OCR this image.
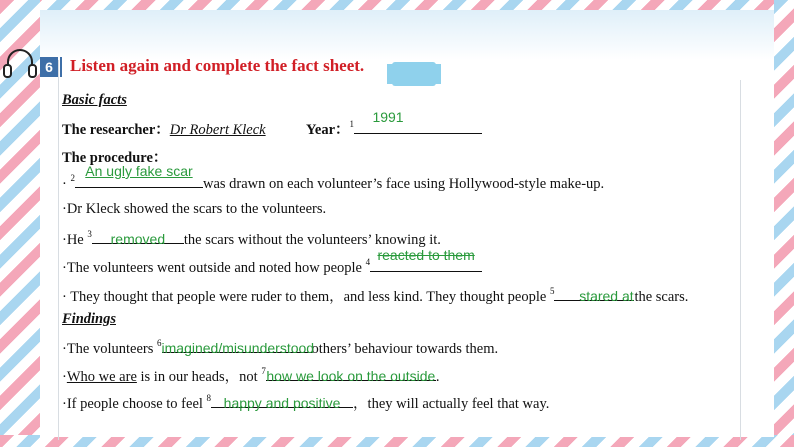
6	Listen again and complete the fact sheet.
Basic facts
The researcher：Dr Robert Kleck	Year：$^1$	1991
The procedure：
· $^2$ An ugly fake scar
was drawn on each volunteer’s face using Hollywood-style make-up.
·Dr Kleck showed the scars to the volunteers.
·He $^3$	removed	the scars without the volunteers’ knowing it.
·The volunteers went outside and noted how people $^4$ reacted to them
· They thought that people were ruder to them，and less kind. They thought people $^5$ stared at the scars.
Findings
·The volunteers $^6$ imagined/misunderstood
others’ behaviour towards them.
·Who we are is in our heads，not $^7$ how we look on the outside .
·If people choose to feel $^8$ happy and positive ，they will actually feel that way.
